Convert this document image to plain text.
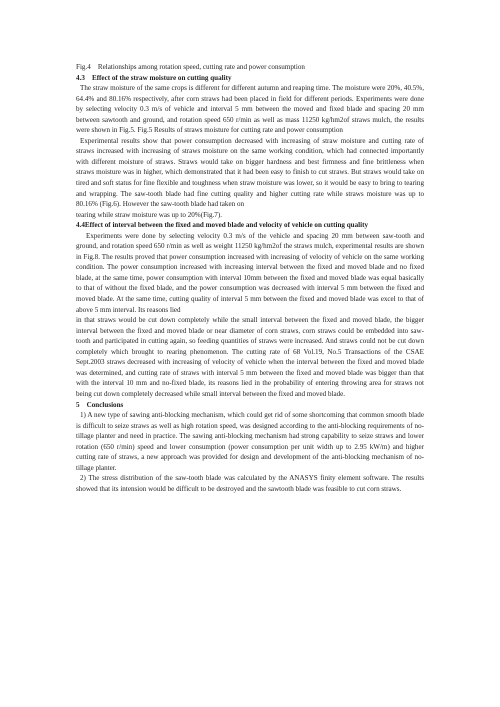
Fig.4    Relationships among rotation speed, cutting rate and power consumption

4.3    Effect of the straw moisture on cutting quality

The straw moisture of the same crops is different for different autumn and reaping time. The moisture were 20%, 40.5%, 64.4% and 80.16% respectively, after corn straws had been placed in field for different periods. Experiments were done by selecting velocity 0.3 m/s of vehicle and interval 5 mm between the moved and fixed blade and spacing 20 mm between sawtooth and ground, and rotation speed 650 r/min as well as mass 11250 kg/hm2of straws mulch, the results were shown in Fig.5. Fig.5 Results of straws moisture for cutting rate and power consumption

Experimental results show that power consumption decreased with increasing of straw moisture and cutting rate of straws increased with increasing of straws moisture on the same working condition, which had connected importantly with different moisture of straws. Straws would take on bigger hardness and best firmness and fine brittleness when straws moisture was in higher, which demonstrated that it had been easy to finish to cut straws. But straws would take on tired and soft status for fine flexible and toughness when straw moisture was lower, so it would be easy to bring to tearing and wrapping. The saw-tooth blade had fine cutting quality and higher cutting rate while straws moisture was up to 80.16% (Fig.6). However the saw-tooth blade had taken on

tearing while straw moisture was up to 20%(Fig.7).

4.4Effect of interval between the fixed and moved blade and velocity of vehicle on cutting quality

Experiments were done by selecting velocity 0.3 m/s of the vehicle and spacing 20 mm between saw-tooth and ground, and rotation speed 650 r/min as well as weight 11250 kg/hm2of the straws mulch, experimental results are shown in Fig.8. The results proved that power consumption increased with increasing of velocity of vehicle on the same working condition. The power consumption increased with increasing interval between the fixed and moved blade and no fixed blade, at the same time, power consumption with interval 10mm between the fixed and moved blade was equal basically to that of without the fixed blade, and the power consumption was decreased with interval 5 mm between the fixed and moved blade. At the same time, cutting quality of interval 5 mm between the fixed and moved blade was excel to that of above 5 mm interval. Its reasons lied

in that straws would be cut down completely while the small interval between the fixed and moved blade, the bigger interval between the fixed and moved blade or near diameter of corn straws, corn straws could be embedded into saw-tooth and participated in cutting again, so feeding quantities of straws were increased. And straws could not be cut down completely which brought to rearing phenomenon. The cutting rate of 68 Vol.19, No.5 Transactions of the CSAE Sept.2003 straws decreased with increasing of velocity of vehicle when the interval between the fixed and moved blade was determined, and cutting rate of straws with interval 5 mm between the fixed and moved blade was bigger than that with the interval 10 mm and no-fixed blade, its reasons lied in the probability of entering throwing area for straws not being cut down completely decreased while small interval between the fixed and moved blade.

5    Conclusions

1) A new type of sawing anti-blocking mechanism, which could get rid of some shortcoming that common smooth blade is difficult to seize straws as well as high rotation speed, was designed according to the anti-blocking requirements of no-tillage planter and need in practice. The sawing anti-blocking mechanism had strong capability to seize straws and lower rotation (650 r/min) speed and lower consumption (power consumption per unit width up to 2.95 kW/m) and higher cutting rate of straws, a new approach was provided for design and development of the anti-blocking mechanism of no-tillage planter.

2) The stress distribution of the saw-tooth blade was calculated by the ANASYS finity element software. The results showed that its intension would be difficult to be destroyed and the sawtooth blade was feasible to cut corn straws.
